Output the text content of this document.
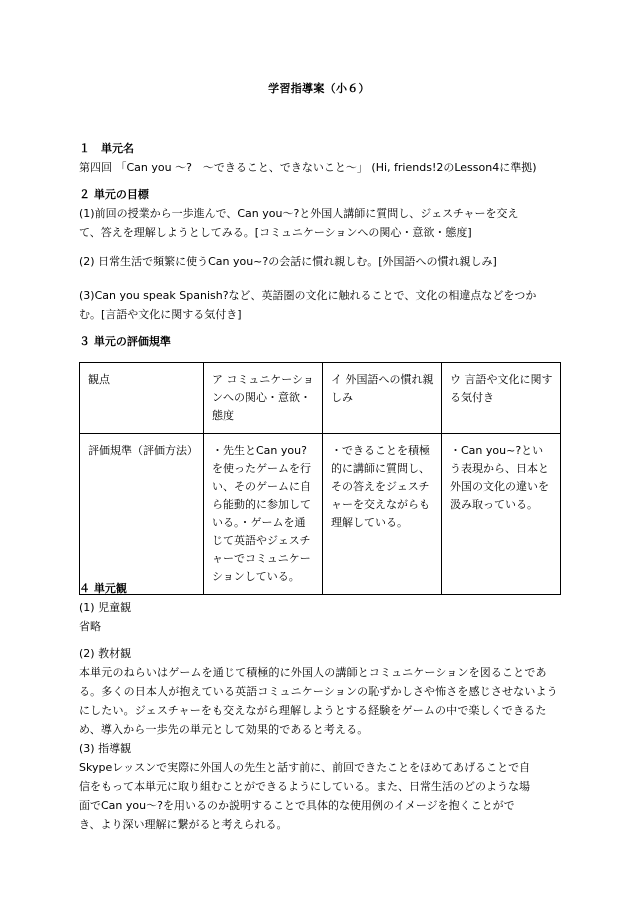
学習指導案（小６）
１　単元名
第四回 「Can you ～?　～できること、できないこと～」 (Hi, friends!2のLesson4に準拠)
２ 単元の目標
(1)前回の授業から一歩進んで、Can you～?と外国人講師に質問し、ジェスチャーを交え
て、答えを理解しようとしてみる。[コミュニケーションへの関心・意欲・態度]
(2) 日常生活で頻繁に使うCan you~?の会話に慣れ親しむ。[外国語への慣れ親しみ]
(3)Can you speak Spanish?など、英語圏の文化に触れることで、文化の相違点などをつか
む。[言語や文化に関する気付き]
３ 単元の評価規準
観点	ア コミュニケーションへの関心・意欲・態度	イ 外国語への慣れ親しみ	ウ 言語や文化に関する気付き
評価規準（評価方法）	・先生とCan you?を使ったゲームを行い、そのゲームに自ら能動的に参加している。・ゲームを通じて英語やジェスチャーでコミュニケーションしている。	・できることを積極的に講師に質問し、その答えをジェスチャーを交えながらも理解している。	・Can you~?という表現から、日本と外国の文化の違いを汲み取っている。
４ 単元観
(1) 児童観
省略
(2) 教材観
本単元のねらいはゲームを通じて積極的に外国人の講師とコミュニケーションを図ることである。多くの日本人が抱えている英語コミュニケーションの恥ずかしさや怖さを感じさせないようにしたい。ジェスチャーをも交えながら理解しようとする経験をゲームの中で楽しくできるため、導入から一歩先の単元として効果的であると考える。
(3) 指導観
Skypeレッスンで実際に外国人の先生と話す前に、前回できたことをほめてあげることで自
信をもって本単元に取り組むことができるようにしている。また、日常生活のどのような場
面でCan you～?を用いるのか説明することで具体的な使用例のイメージを抱くことがで
き、より深い理解に繋がると考えられる。
